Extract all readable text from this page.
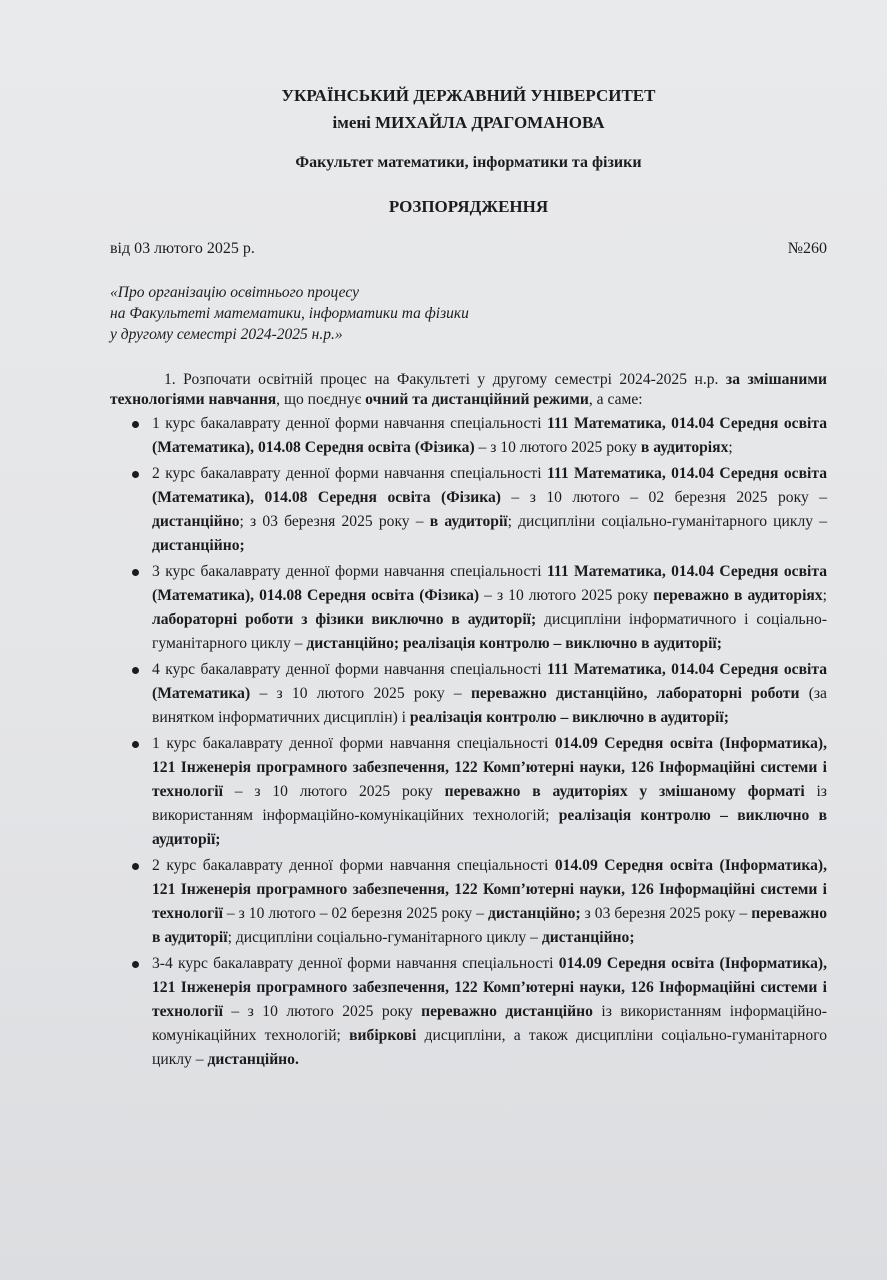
УКРАЇНСЬКИЙ ДЕРЖАВНИЙ УНІВЕРСИТЕТ
імені МИХАЙЛА ДРАГОМАНОВА
Факультет математики, інформатики та фізики
РОЗПОРЯДЖЕННЯ
від 03 лютого 2025 р.	№260
«Про організацію освітнього процесу
на Факультеті математики, інформатики та фізики
у другому семестрі 2024-2025 н.р.»
1. Розпочати освітній процес на Факультеті у другому семестрі 2024-2025 н.р. за змішаними технологіями навчання, що поєднує очний та дистанційний режими, а саме:
1 курс бакалаврату денної форми навчання спеціальності 111 Математика, 014.04 Середня освіта (Математика), 014.08 Середня освіта (Фізика) – з 10 лютого 2025 року в аудиторіях;
2 курс бакалаврату денної форми навчання спеціальності 111 Математика, 014.04 Середня освіта (Математика), 014.08 Середня освіта (Фізика) – з 10 лютого – 02 березня 2025 року – дистанційно; з 03 березня 2025 року – в аудиторії; дисципліни соціально-гуманітарного циклу – дистанційно;
3 курс бакалаврату денної форми навчання спеціальності 111 Математика, 014.04 Середня освіта (Математика), 014.08 Середня освіта (Фізика) – з 10 лютого 2025 року переважно в аудиторіях; лабораторні роботи з фізики виключно в аудиторії; дисципліни інформатичного і соціально-гуманітарного циклу – дистанційно; реалізація контролю – виключно в аудиторії;
4 курс бакалаврату денної форми навчання спеціальності 111 Математика, 014.04 Середня освіта (Математика) – з 10 лютого 2025 року – переважно дистанційно, лабораторні роботи (за винятком інформатичних дисциплін) і реалізація контролю – виключно в аудиторії;
1 курс бакалаврату денної форми навчання спеціальності 014.09 Середня освіта (Інформатика), 121 Інженерія програмного забезпечення, 122 Комп’ютерні науки, 126 Інформаційні системи і технології – з 10 лютого 2025 року переважно в аудиторіях у змішаному форматі із використанням інформаційно-комунікаційних технологій; реалізація контролю – виключно в аудиторії;
2 курс бакалаврату денної форми навчання спеціальності 014.09 Середня освіта (Інформатика), 121 Інженерія програмного забезпечення, 122 Комп’ютерні науки, 126 Інформаційні системи і технології – з 10 лютого – 02 березня 2025 року – дистанційно; з 03 березня 2025 року – переважно в аудиторії; дисципліни соціально-гуманітарного циклу – дистанційно;
3-4 курс бакалаврату денної форми навчання спеціальності 014.09 Середня освіта (Інформатика), 121 Інженерія програмного забезпечення, 122 Комп’ютерні науки, 126 Інформаційні системи і технології – з 10 лютого 2025 року переважно дистанційно із використанням інформаційно-комунікаційних технологій; вибіркові дисципліни, а також дисципліни соціально-гуманітарного циклу – дистанційно.
